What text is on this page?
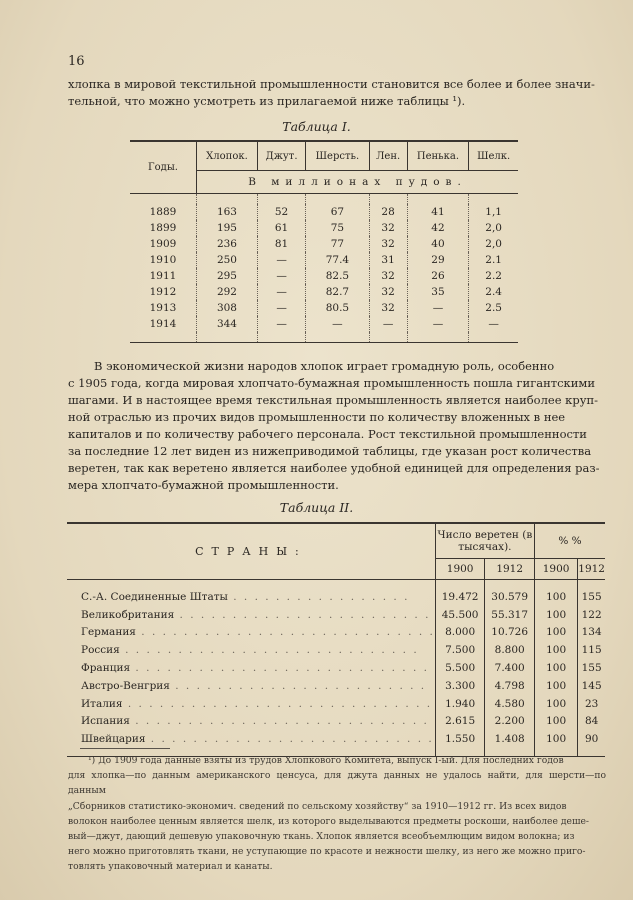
16
хлопка в мировой текстильной промышленности становится все более и более значи-
тельной, что можно усмотреть из прилагаемой ниже таблицы ¹).
Таблица I.
Годы.	Хлопок.	Джут.	Шерсть.	Лен.	Пенька.	Шелк.
	В миллионах пудов.					

1889	163	52	67	28	41	1,1
1899	195	61	75	32	42	2,0
1909	236	81	77	32	40	2,0
1910	250	—	77.4	31	29	2.1
1911	295	—	82.5	32	26	2.2
1912	292	—	82.7	32	35	2.4
1913	308	—	80.5	32	—	2.5
1914	344	—	—	—	—	—

В экономической жизни народов хлопок играет громадную роль, особенно
с 1905 года, когда мировая хлопчато-бумажная промышленность пошла гигантскими
шагами. И в настоящее время текстильная промышленность является наиболее круп-
ной отраслью из прочих видов промышленности по количеству вложенных в нее
капиталов и по количеству рабочего персонала. Рост текстильной промышленности
за последние 12 лет виден из нижеприводимой таблицы, где указан рост количества
веретен, так как веретено является наиболее удобной единицей для определения раз-
мера хлопчато-бумажной промышленности.
Таблица II.
СТРАНЫ:	Число веретен (в тысячах).		% %	
	1900	1912	1900	1912

С.-А. Соединенные Штаты . . . . . . . . . . . . . . . . .	19.472	30.579	100	155
Великобритания . . . . . . . . . . . . . . . . . . . . . . . .	45.500	55.317	100	122
Германия . . . . . . . . . . . . . . . . . . . . . . . . . . . .	8.000	10.726	100	134
Россия . . . . . . . . . . . . . . . . . . . . . . . . . . . .	7.500	8.800	100	115
Франция . . . . . . . . . . . . . . . . . . . . . . . . . . . .	5.500	7.400	100	155
Австро-Венгрия . . . . . . . . . . . . . . . . . . . . . . . .	3.300	4.798	100	145
Италия . . . . . . . . . . . . . . . . . . . . . . . . . . . . .	1.940	4.580	100	23
Испания . . . . . . . . . . . . . . . . . . . . . . . . . . . .	2.615	2.200	100	84
Швейцария . . . . . . . . . . . . . . . . . . . . . . . . . . .	1.550	1.408	100	90

¹) До 1909 года данные взяты из трудов Хлопкового Комитета, выпуск I-ый. Для последних годов
для хлопка—по данным американского ценсуса, для джута данных не удалось найти, для шерсти—по данным
„Сборников статистико-экономич. сведений по сельскому хозяйству“ за 1910—1912 гг. Из всех видов
волокон наиболее ценным является шелк, из которого выделываются предметы роскоши, наиболее деше-
вый—джут, дающий дешевую упаковочную ткань. Хлопок является всеобъемлющим видом волокна; из
него можно приготовлять ткани, не уступающие по красоте и нежности шелку, из него же можно приго-
товлять упаковочный материал и канаты.
